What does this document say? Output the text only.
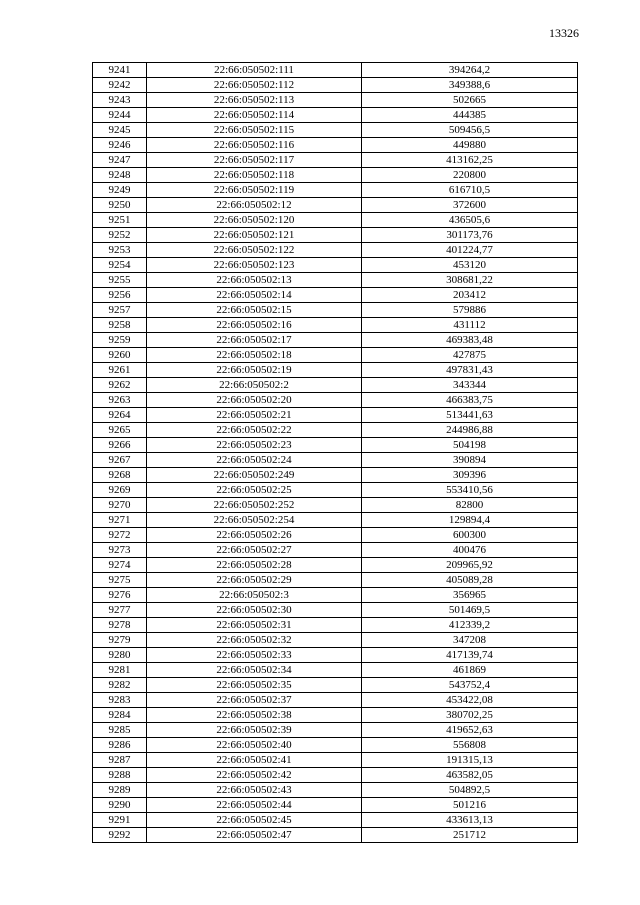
13326
9241	22:66:050502:111	394264,2
9242	22:66:050502:112	349388,6
9243	22:66:050502:113	502665
9244	22:66:050502:114	444385
9245	22:66:050502:115	509456,5
9246	22:66:050502:116	449880
9247	22:66:050502:117	413162,25
9248	22:66:050502:118	220800
9249	22:66:050502:119	616710,5
9250	22:66:050502:12	372600
9251	22:66:050502:120	436505,6
9252	22:66:050502:121	301173,76
9253	22:66:050502:122	401224,77
9254	22:66:050502:123	453120
9255	22:66:050502:13	308681,22
9256	22:66:050502:14	203412
9257	22:66:050502:15	579886
9258	22:66:050502:16	431112
9259	22:66:050502:17	469383,48
9260	22:66:050502:18	427875
9261	22:66:050502:19	497831,43
9262	22:66:050502:2	343344
9263	22:66:050502:20	466383,75
9264	22:66:050502:21	513441,63
9265	22:66:050502:22	244986,88
9266	22:66:050502:23	504198
9267	22:66:050502:24	390894
9268	22:66:050502:249	309396
9269	22:66:050502:25	553410,56
9270	22:66:050502:252	82800
9271	22:66:050502:254	129894,4
9272	22:66:050502:26	600300
9273	22:66:050502:27	400476
9274	22:66:050502:28	209965,92
9275	22:66:050502:29	405089,28
9276	22:66:050502:3	356965
9277	22:66:050502:30	501469,5
9278	22:66:050502:31	412339,2
9279	22:66:050502:32	347208
9280	22:66:050502:33	417139,74
9281	22:66:050502:34	461869
9282	22:66:050502:35	543752,4
9283	22:66:050502:37	453422,08
9284	22:66:050502:38	380702,25
9285	22:66:050502:39	419652,63
9286	22:66:050502:40	556808
9287	22:66:050502:41	191315,13
9288	22:66:050502:42	463582,05
9289	22:66:050502:43	504892,5
9290	22:66:050502:44	501216
9291	22:66:050502:45	433613,13
9292	22:66:050502:47	251712
